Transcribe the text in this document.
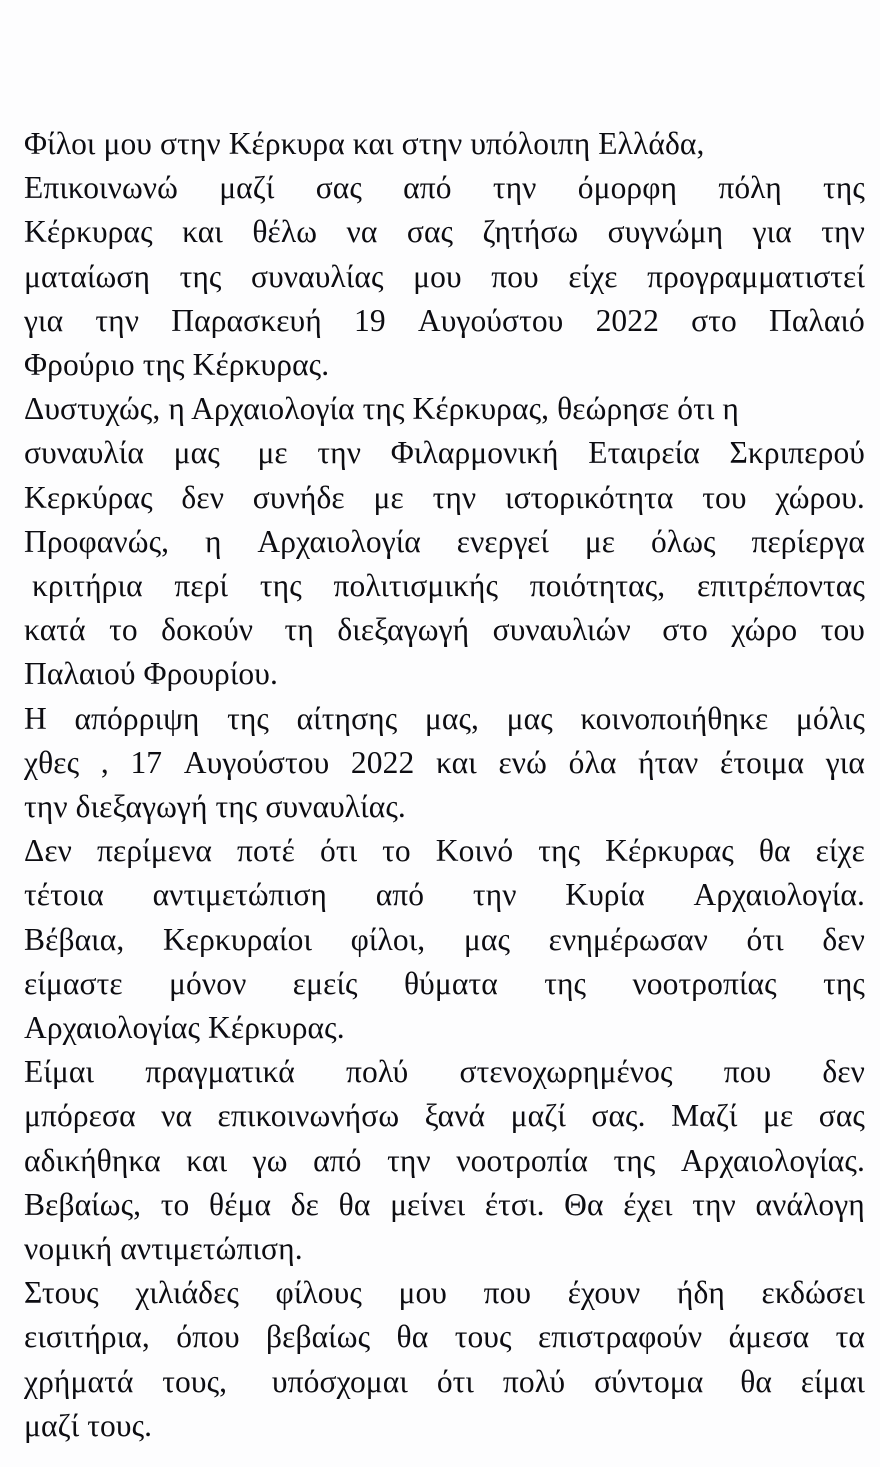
Φίλοι μου στην Κέρκυρα και στην υπόλοιπη Ελλάδα,
Επικοινωνώ μαζί σας από την όμορφη πόλη της
Κέρκυρας και θέλω να σας ζητήσω συγνώμη για την
ματαίωση της συναυλίας μου που είχε προγραμματιστεί
για την Παρασκευή 19 Αυγούστου 2022 στο Παλαιό
Φρούριο της Κέρκυρας.

Δυστυχώς, η Αρχαιολογία της Κέρκυρας, θεώρησε ότι η
συναυλία μας με την Φιλαρμονική Εταιρεία Σκριπερού
Κερκύρας δεν συνήδε με την ιστορικότητα του χώρου.
Προφανώς, η Αρχαιολογία ενεργεί με όλως περίεργα
κριτήρια περί της πολιτισμικής ποιότητας, επιτρέποντας
κατά το δοκούν τη διεξαγωγή συναυλιών στο χώρο του
Παλαιού Φρουρίου.

Η απόρριψη της αίτησης μας, μας κοινοποιήθηκε μόλις
χθες , 17 Αυγούστου 2022 και ενώ όλα ήταν έτοιμα για
την διεξαγωγή της συναυλίας.

Δεν περίμενα ποτέ ότι το Κοινό της Κέρκυρας θα είχε
τέτοια αντιμετώπιση από την Κυρία Αρχαιολογία.
Βέβαια, Κερκυραίοι φίλοι, μας ενημέρωσαν ότι δεν
είμαστε μόνον εμείς θύματα της νοοτροπίας της
Αρχαιολογίας Κέρκυρας.

Είμαι πραγματικά πολύ στενοχωρημένος που δεν
μπόρεσα να επικοινωνήσω ξανά μαζί σας. Μαζί με σας
αδικήθηκα και γω από την νοοτροπία της Αρχαιολογίας.
Βεβαίως, το θέμα δε θα μείνει έτσι. Θα έχει την ανάλογη
νομική αντιμετώπιση.

Στους χιλιάδες φίλους μου που έχουν ήδη εκδώσει
εισιτήρια, όπου βεβαίως θα τους επιστραφούν άμεσα τα
χρήματά τους, υπόσχομαι ότι πολύ σύντομα θα είμαι
μαζί τους.
